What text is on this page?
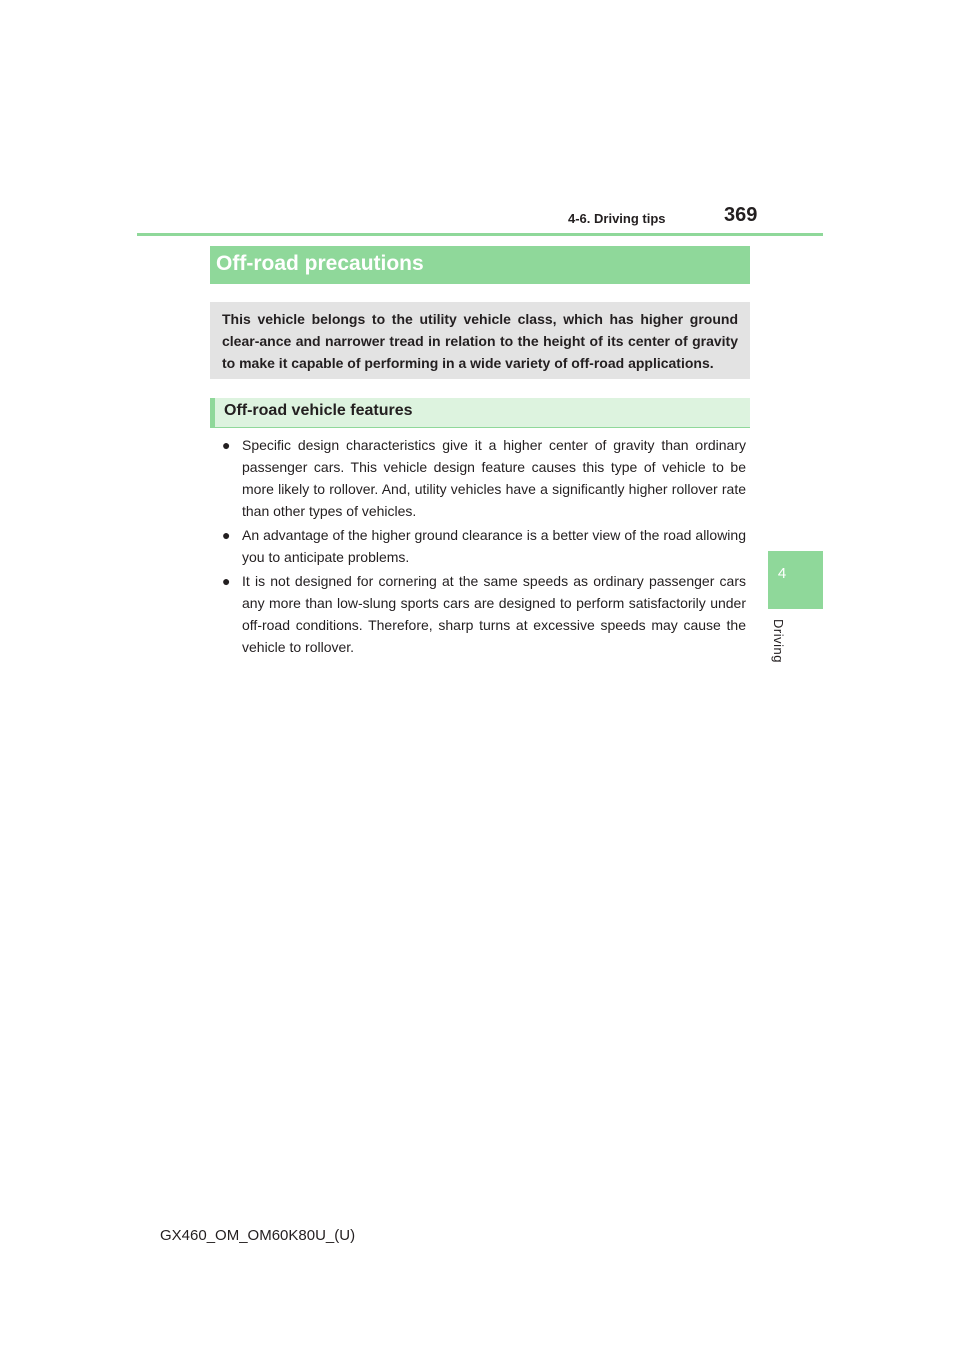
4-6. Driving tips	369
4
Driving
Off-road precautions

This vehicle belongs to the utility vehicle class, which has higher ground clear-ance and narrower tread in relation to the height of its center of gravity to make it capable of performing in a wide variety of off-road applications.

Off-road vehicle features
● Specific design characteristics give it a higher center of gravity than ordinary passenger cars. This vehicle design feature causes this type of vehicle to be more likely to rollover. And, utility vehicles have a significantly higher rollover rate than other types of vehicles.
● An advantage of the higher ground clearance is a better view of the road allowing you to anticipate problems.
● It is not designed for cornering at the same speeds as ordinary passenger cars any more than low-slung sports cars are designed to perform satisfactorily under off-road conditions. Therefore, sharp turns at excessive speeds may cause the vehicle to rollover.
GX460_OM_OM60K80U_(U)
